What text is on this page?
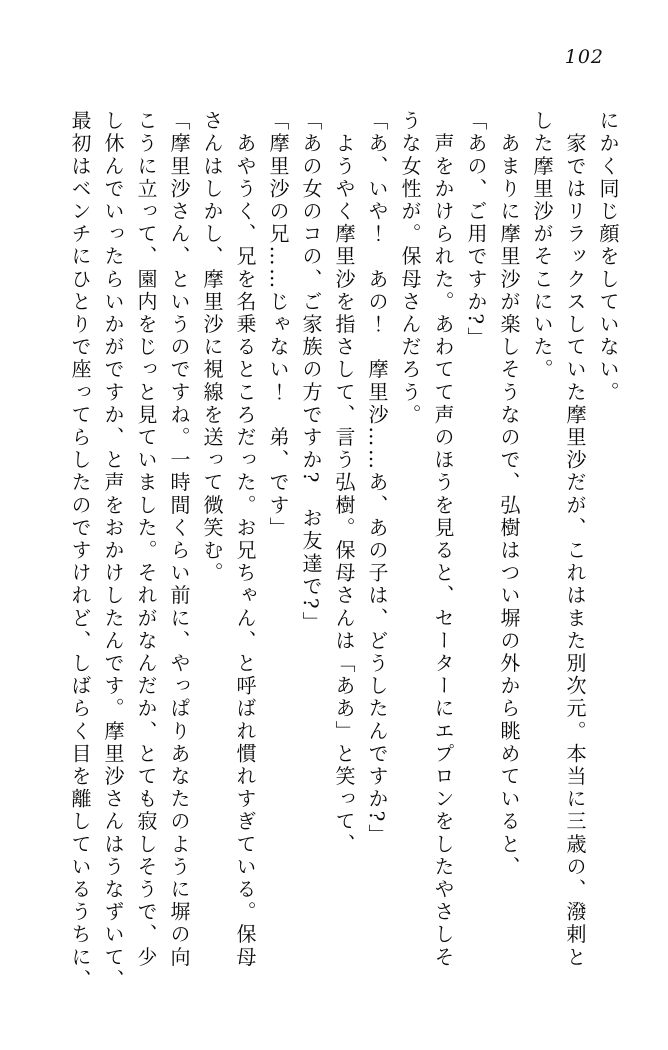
102
にかく同じ顔をしていない。
　家ではリラックスしていた摩里沙だが、これはまた別次元。本当に三歳の、潑剌と
した摩里沙がそこにいた。
　あまりに摩里沙が楽しそうなので、弘樹はつい塀の外から眺めていると、
「あの、ご用ですか?」
　声をかけられた。あわてて声のほうを見ると、セーターにエプロンをしたやさしそ
うな女性が。保母さんだろう。
「あ、いや！　あの！　摩里沙……あ、あの子は、どうしたんですか?」
　ようやく摩里沙を指さして、言う弘樹。保母さんは「ああ」と笑って、
「あの女のコの、ご家族の方ですか?　お友達で?」
「摩里沙の兄……じゃない！　弟、です」
　あやうく、兄を名乗るところだった。お兄ちゃん、と呼ばれ慣れすぎている。保母
さんはしかし、摩里沙に視線を送って微笑む。
「摩里沙さん、というのですね。一時間くらい前に、やっぱりあなたのように塀の向
こうに立って、園内をじっと見ていました。それがなんだか、とても寂しそうで、少
し休んでいったらいかがですか、と声をおかけしたんです。摩里沙さんはうなずいて、
最初はベンチにひとりで座ってらしたのですけれど、しばらく目を離しているうちに、
